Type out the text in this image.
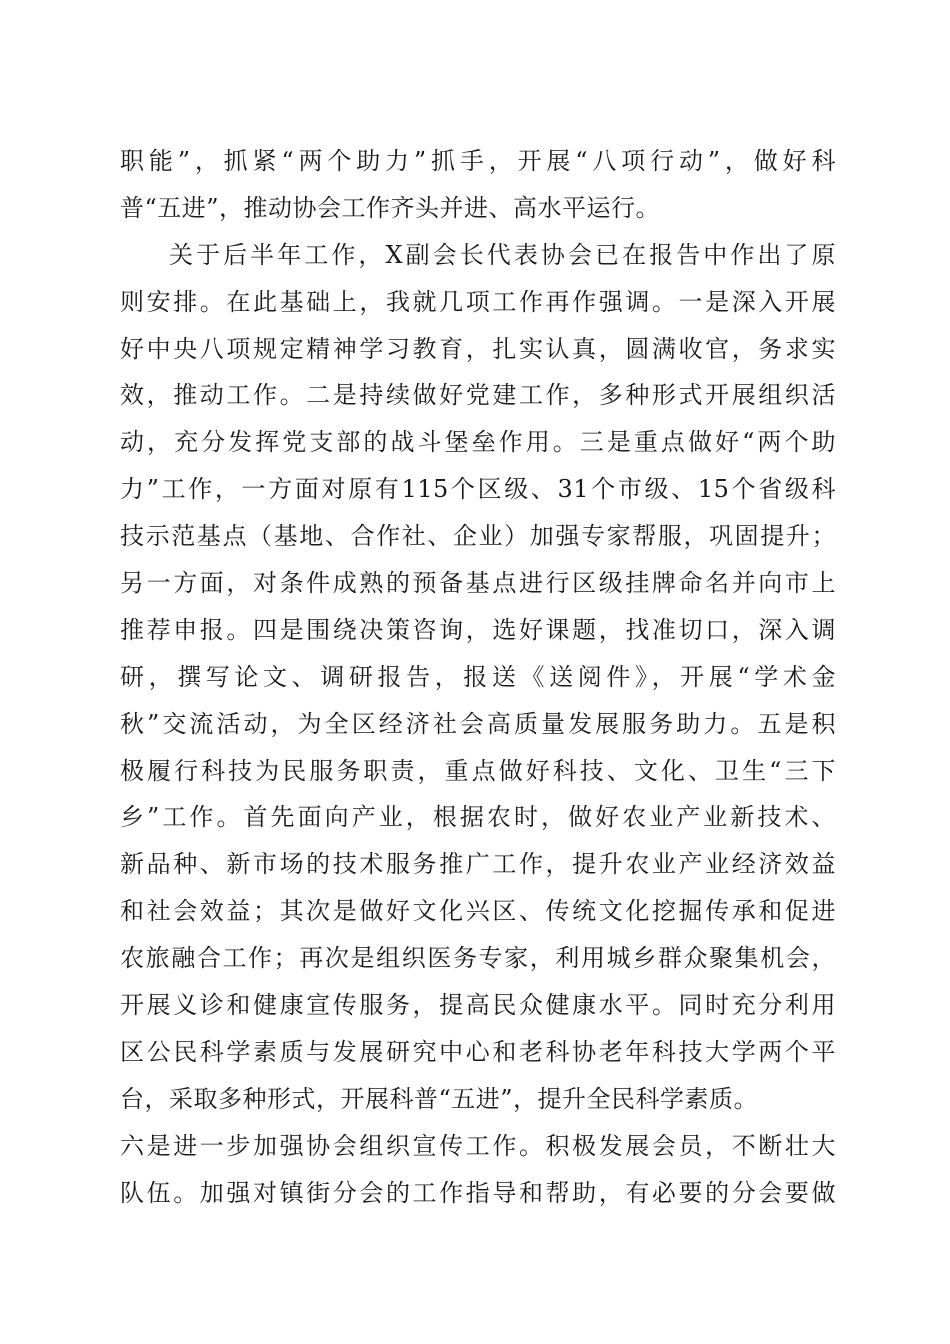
职能”，抓紧“两个助力”抓手，开展“八项行动”，做好科
普“五进”，推动协会工作齐头并进、高水平运行。
关于后半年工作，X副会长代表协会已在报告中作出了原
则安排。在此基础上，我就几项工作再作强调。一是深入开展
好中央八项规定精神学习教育，扎实认真，圆满收官，务求实
效，推动工作。二是持续做好党建工作，多种形式开展组织活
动，充分发挥党支部的战斗堡垒作用。三是重点做好“两个助
力”工作，一方面对原有115个区级、31个市级、15个省级科
技示范基点（基地、合作社、企业）加强专家帮服，巩固提升；
另一方面，对条件成熟的预备基点进行区级挂牌命名并向市上
推荐申报。四是围绕决策咨询，选好课题，找准切口，深入调
研，撰写论文、调研报告，报送《送阅件》，开展“学术金
秋”交流活动，为全区经济社会高质量发展服务助力。五是积
极履行科技为民服务职责，重点做好科技、文化、卫生“三下
乡”工作。首先面向产业，根据农时，做好农业产业新技术、
新品种、新市场的技术服务推广工作，提升农业产业经济效益
和社会效益；其次是做好文化兴区、传统文化挖掘传承和促进
农旅融合工作；再次是组织医务专家，利用城乡群众聚集机会，
开展义诊和健康宣传服务，提高民众健康水平。同时充分利用
区公民科学素质与发展研究中心和老科协老年科技大学两个平
台，采取多种形式，开展科普“五进”，提升全民科学素质。
六是进一步加强协会组织宣传工作。积极发展会员，不断壮大
队伍。加强对镇街分会的工作指导和帮助，有必要的分会要做
